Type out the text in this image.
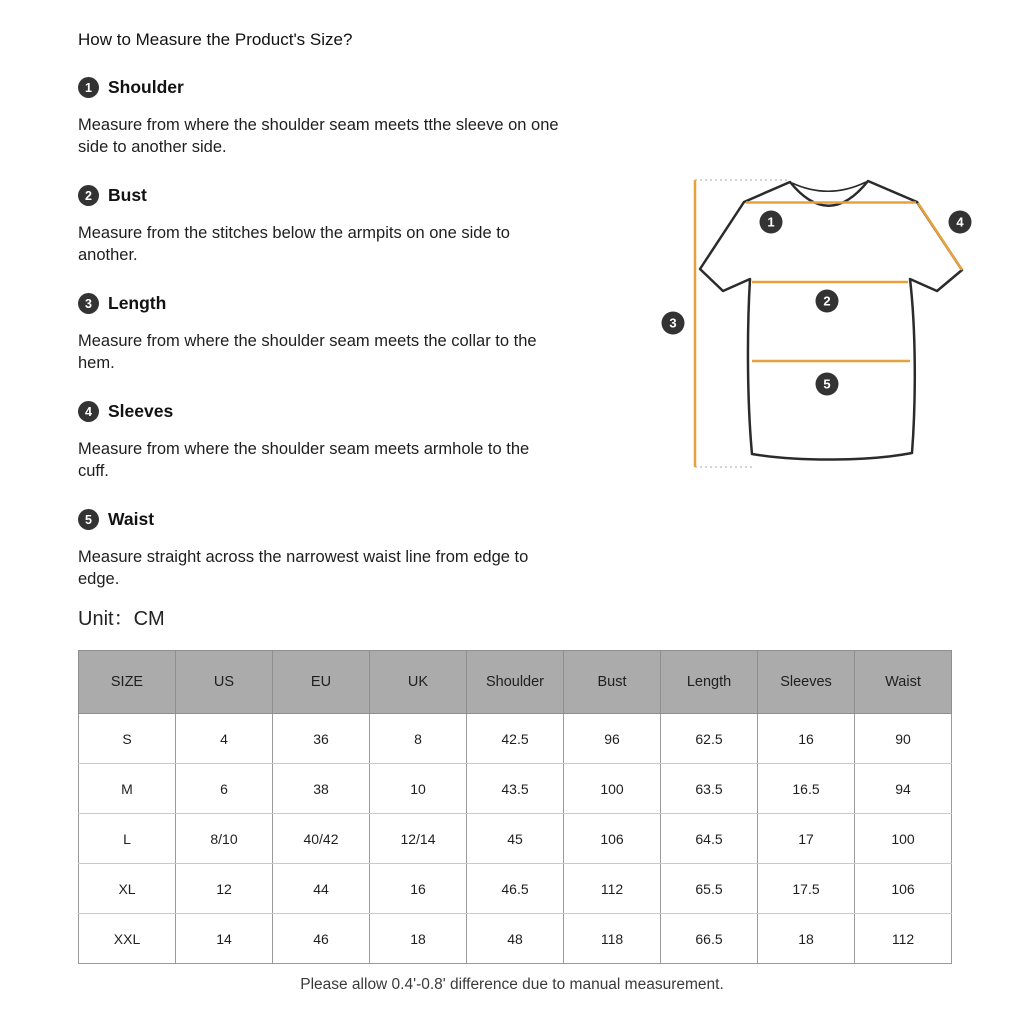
How to Measure the Product's Size?
1 Shoulder

Measure from where the shoulder seam meets tthe sleeve on one
side to another side.

2 Bust

Measure from the stitches below the armpits on one side to
another.

3 Length

Measure from where the shoulder seam meets the collar to the
hem.

4 Sleeves

Measure from where the shoulder seam meets armhole to the
cuff.

5 Waist

Measure straight across the narrowest waist line from edge to
edge.

Unit：CM
1
2
3
4
5
SIZE	US	EU	UK	Shoulder	Bust	Length	Sleeves	Waist
S	4	36	8	42.5	96	62.5	16	90
M	6	38	10	43.5	100	63.5	16.5	94
L	8/10	40/42	12/14	45	106	64.5	17	100
XL	12	44	16	46.5	112	65.5	17.5	106
XXL	14	46	18	48	118	66.5	18	112
Please allow 0.4'-0.8' difference due to manual measurement.
